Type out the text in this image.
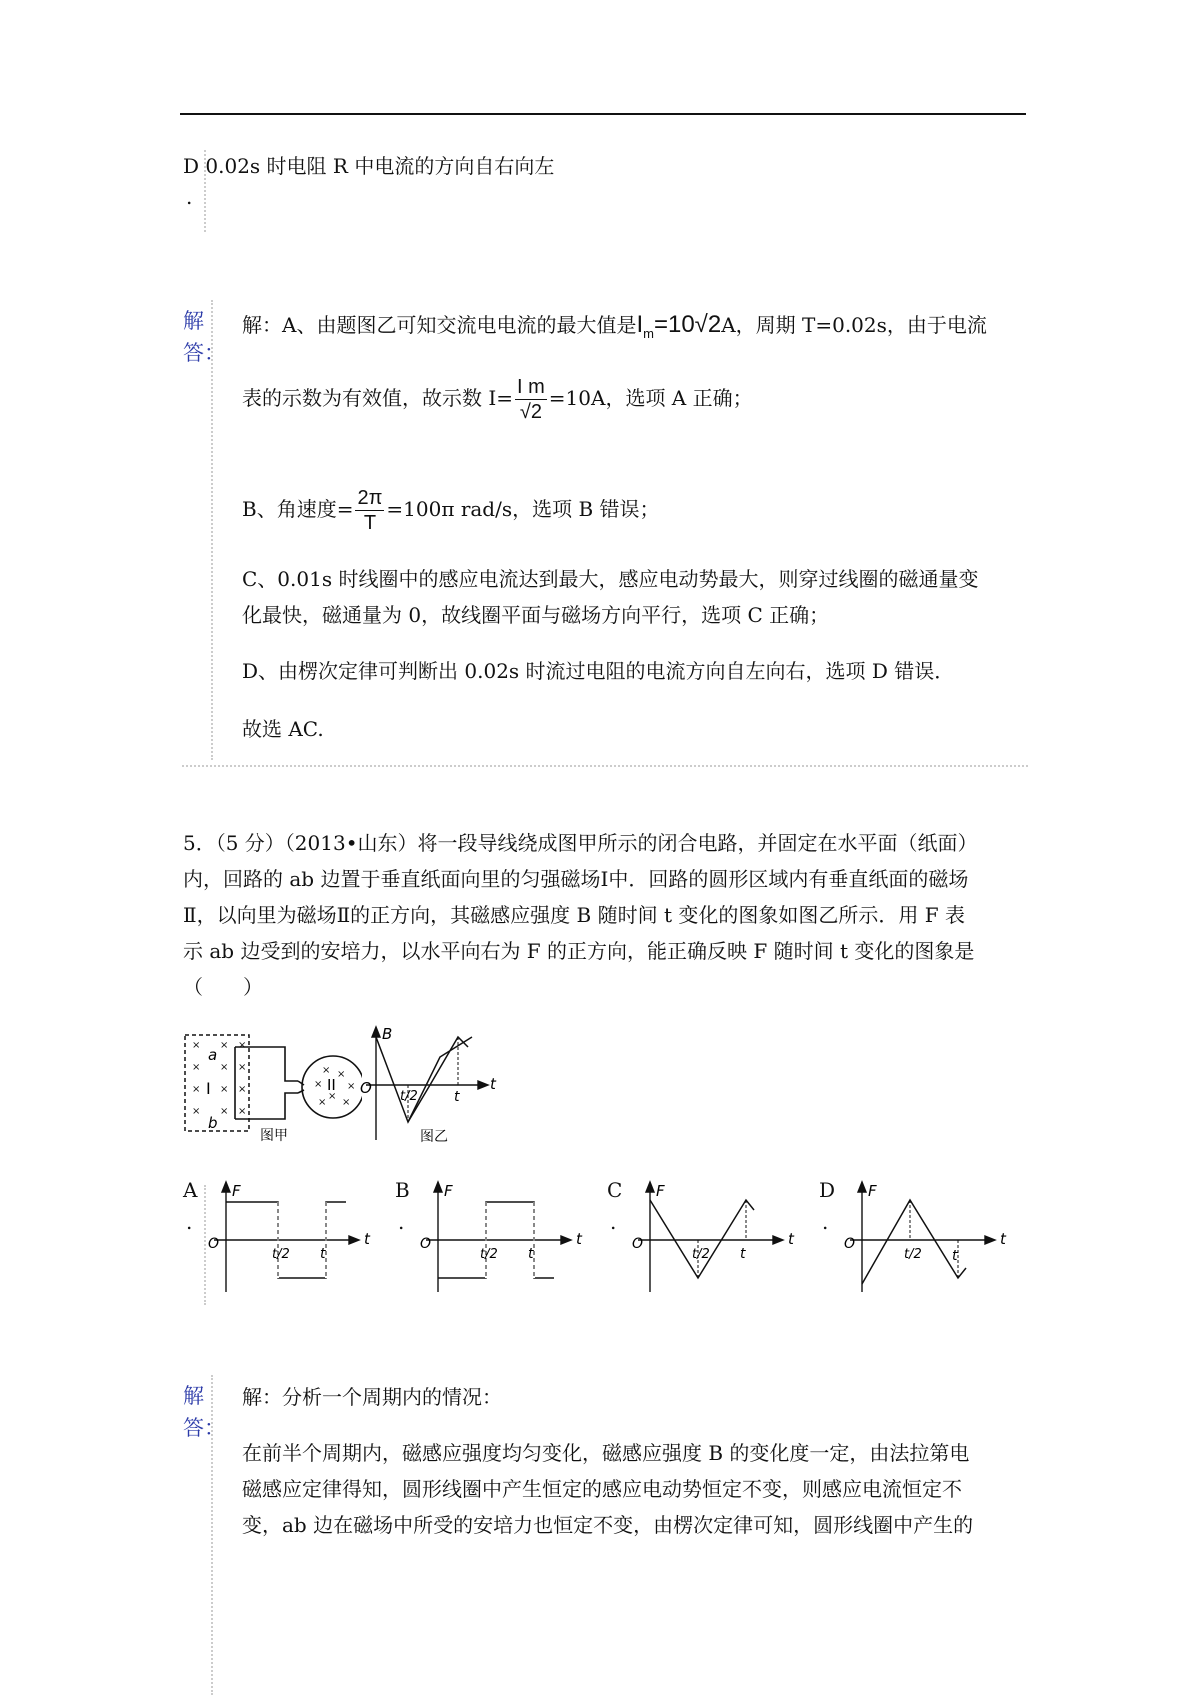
D 0.02s 时电阻 R 中电流的方向自右向左
.
解答：
解：A、由题图乙可知交流电电流的最大值是$I_m=10√2A$，周期 T=0.02s，由于电流
表的示数为有效值，故示数 $I= \frac{\text{I m}}{√2} =10A$，选项 A 正确；
B、角速度= $\frac{2\pi}{T} =100\pi$ rad/s，选项 B 错误；
C、0.01s 时线圈中的感应电流达到最大，感应电动势最大，则穿过线圈的磁通量变
化最快，磁通量为 0，故线圈平面与磁场方向平行，选项 C 正确；
D、由楞次定律可判断出 0.02s 时流过电阻的电流方向自左向右，选项 D 错误．
故选 AC.
5．（5 分）（2013•山东）将一段导线绕成图甲所示的闭合电路，并固定在水平面（纸面）
内，回路的 ab 边置于垂直纸面向里的匀强磁场Ⅰ中．回路的圆形区域内有垂直纸面的磁场
Ⅱ，以向里为磁场Ⅱ的正方向，其磁感应强度 B 随时间 t 变化的图象如图乙所示．用 F 表
示 ab 边受到的安培力，以水平向右为 F 的正方向，能正确反映 F 随时间 t 变化的图象是
（　　）
×
×
×
×
×
×
×
×
×
×
×
×
× ×
× ×
×
×
×
a
b
I	II
图甲
B
O	t
t/2	t
图乙
A
.
F
O	t
t/2 t
B
.
F
O	t
t/2 t
C
.
F
O	t
t/2 t
D
.
F
O	t
t/2 t
解答：
解：分析一个周期内的情况：
在前半个周期内，磁感应强度均匀变化，磁感应强度 B 的变化度一定，由法拉第电
磁感应定律得知，圆形线圈中产生恒定的感应电动势恒定不变，则感应电流恒定不
变，ab 边在磁场中所受的安培力也恒定不变，由楞次定律可知，圆形线圈中产生的
